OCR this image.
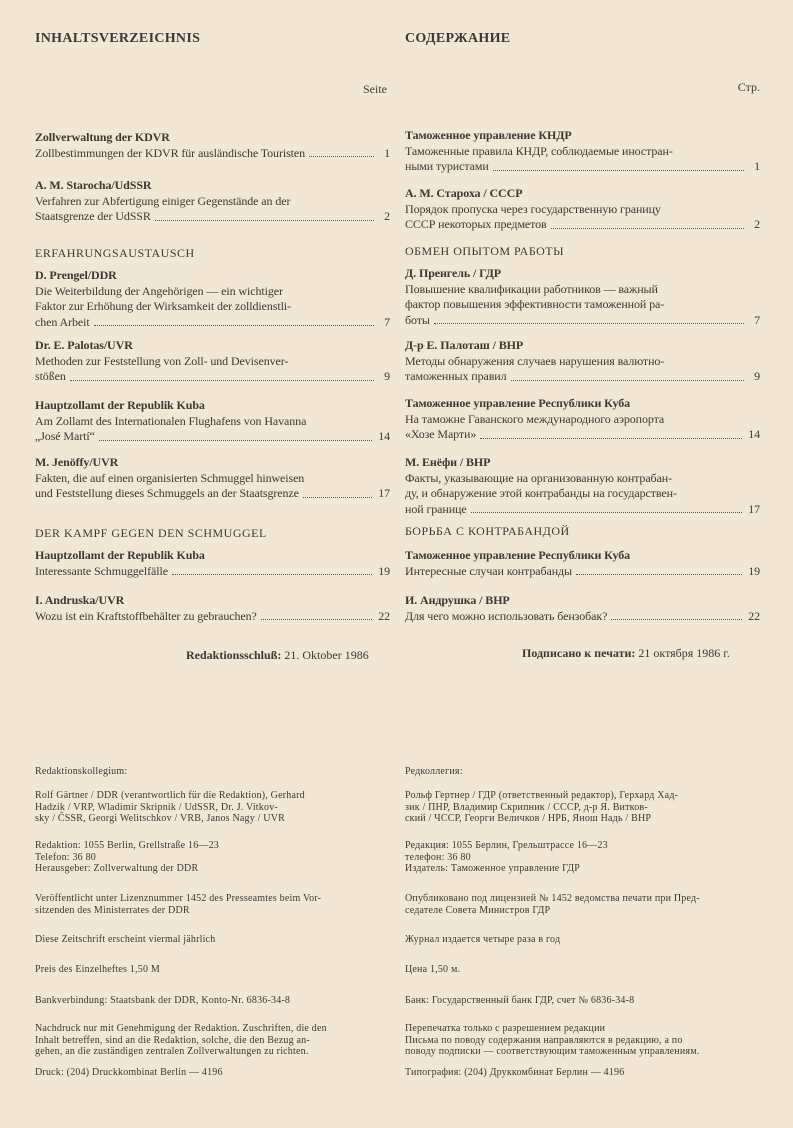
INHALTSVERZEICHNIS	СОДЕРЖАНИЕ
Seite	Стр.
Zollverwaltung der KDVR
Zollbestimmungen der KDVR für ausländische Touristen	1
A. M. Starocha/UdSSR
Verfahren zur Abfertigung einiger Gegenstände an der
Staatsgrenze der UdSSR	2
D. Prengel/DDR
Die Weiterbildung der Angehörigen — ein wichtiger
Faktor zur Erhöhung der Wirksamkeit der zolldienstli-
chen Arbeit	7
Dr. E. Palotas/UVR
Methoden zur Feststellung von Zoll- und Devisenver-
stößen	9
Hauptzollamt der Republik Kuba
Am Zollamt des Internationalen Flughafens von Havanna
„José Martí“	14
M. Jenöffy/UVR
Fakten, die auf einen organisierten Schmuggel hinweisen
und Feststellung dieses Schmuggels an der Staatsgrenze	17
Hauptzollamt der Republik Kuba
Interessante Schmuggelfälle	19
I. Andruska/UVR
Wozu ist ein Kraftstoffbehälter zu gebrauchen?	22
ERFAHRUNGSAUSTAUSCH
DER KAMPF GEGEN DEN SCHMUGGEL
Redaktionsschluß: 21. Oktober 1986
Redaktionskollegium:

Rolf Gärtner / DDR (verantwortlich für die Redaktion), Gerhard

Hadzik / VRP, Wladimir Skripnik / UdSSR, Dr. J. Vitkov-

sky / ČSSR, Georgi Welitschkov / VRB, Janos Nagy / UVR

Redaktion: 1055 Berlin, Grellstraße 16—23

Telefon: 36 80

Herausgeber: Zollverwaltung der DDR

Veröffentlicht unter Lizenznummer 1452 des Presseamtes beim Vor-

sitzenden des Ministerrates der DDR

Diese Zeitschrift erscheint viermal jährlich
Preis des Einzelheftes 1,50 M
Bankverbindung: Staatsbank der DDR, Konto-Nr. 6836-34-8

Nachdruck nur mit Genehmigung der Redaktion. Zuschriften, die den

Inhalt betreffen, sind an die Redaktion, solche, die den Bezug an-

gehen, an die zuständigen zentralen Zollverwaltungen zu richten.

Druck: (204) Druckkombinat Berlin — 4196
Таможенное управление КНДР
Таможенные правила КНДР, соблюдаемые иностран-
ными туристами	1
А. М. Староха / СССР
Порядок пропуска через государственную границу
СССР некоторых предметов	2
Д. Пренгель / ГДР
Повышение квалификации работников — важный
фактор повышения эффективности таможенной ра-
боты	7
Д-р Е. Палоташ / ВНР
Методы обнаружения случаев нарушения валютно-
таможенных правил	9
Таможенное управление Республики Куба
На таможне Гаванского международного аэропорта
«Хозе Марти»	14
М. Енёфи / ВНР
Факты, указывающие на организованную контрабан-
ду, и обнаружение этой контрабанды на государствен-
ной границе	17
Таможенное управление Республики Куба
Интересные случаи контрабанды	19
И. Андрушка / ВНР
Для чего можно использовать бензобак?	22
ОБМЕН ОПЫТОМ РАБОТЫ
БОРЬБА С КОНТРАБАНДОЙ
Подписано к печати: 21 октября 1986 г.
Редколлегия:

Рольф Гертнер / ГДР (ответственный редактор), Герхард Хад-

зик / ПНР, Владимир Скрипник / СССР, д-р Я. Витков-

ский / ЧССР, Георги Величков / НРБ, Янош Надь / ВНР

Редакция: 1055 Берлин, Грельштрассе 16—23

телефон: 36 80

Издатель: Таможенное управление ГДР

Опубликовано под лицензией № 1452 ведомства печати при Пред-

седателе Совета Министров ГДР

Журнал издается четыре раза в год
Цена 1,50 м.
Банк: Государственный банк ГДР, счет № 6836-34-8

Перепечатка только с разрешением редакции

Письма по поводу содержания направляются в редакцию, а по

поводу подписки — соответствующим таможенным управлениям.

Типография: (204) Друккомбинат Берлин — 4196
